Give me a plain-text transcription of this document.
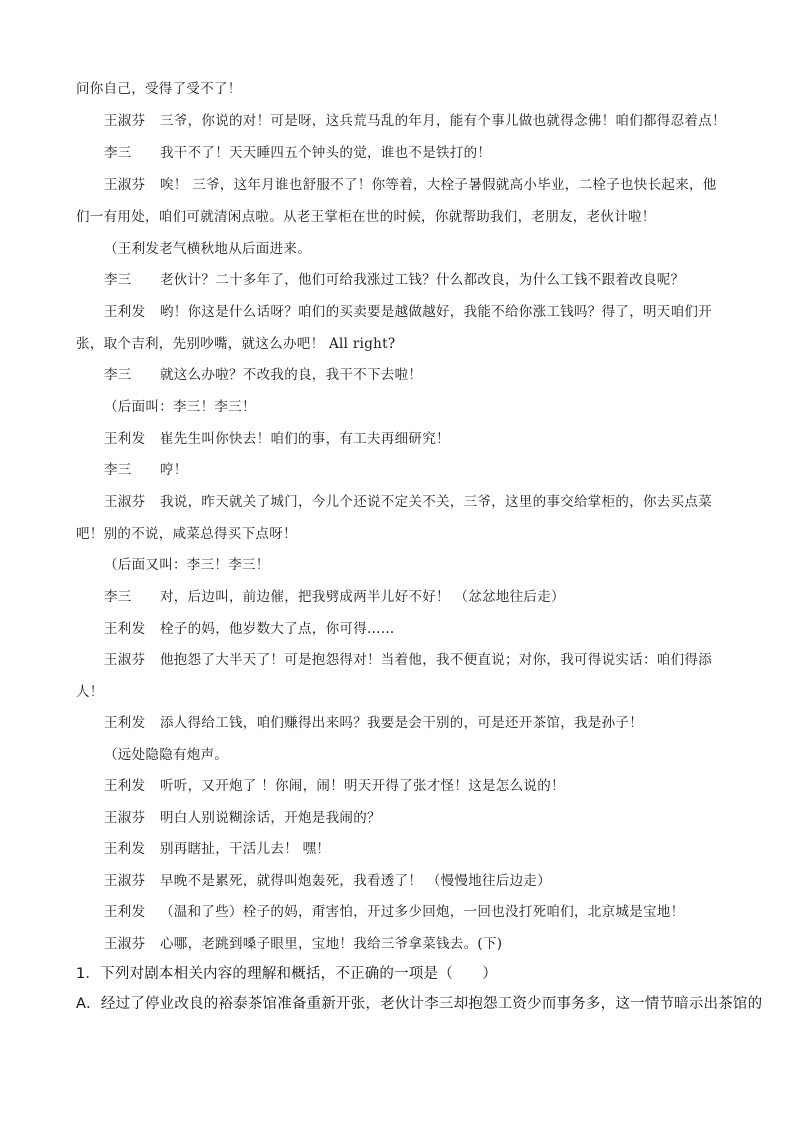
问你自己，受得了受不了！
王淑芬 三爷，你说的对！可是呀，这兵荒马乱的年月，能有个事儿做也就得念佛！咱们都得忍着点！
李三 我干不了！天天睡四五个钟头的觉，谁也不是铁打的！
王淑芬 唉！ 三爷，这年月谁也舒服不了！你等着，大栓子暑假就高小毕业，二栓子也快长起来，他
们一有用处，咱们可就清闲点啦。从老王掌柜在世的时候，你就帮助我们，老朋友，老伙计啦！
（王利发老气横秋地从后面进来。
李三 老伙计？二十多年了，他们可给我涨过工钱？什么都改良，为什么工钱不跟着改良呢？
王利发 哟！你这是什么话呀？咱们的买卖要是越做越好，我能不给你涨工钱吗？得了，明天咱们开
张，取个吉利，先别吵嘴，就这么办吧！ All right?
李三 就这么办啦？不改我的良，我干不下去啦！
（后面叫：李三！李三！
王利发 崔先生叫你快去！咱们的事，有工夫再细研究！
李三 哼！
王淑芬 我说，昨天就关了城门，今儿个还说不定关不关，三爷，这里的事交给掌柜的，你去买点菜
吧！别的不说，咸菜总得买下点呀！
（后面又叫：李三！李三！
李三 对，后边叫，前边催，把我劈成两半儿好不好！ （忿忿地往后走）
王利发 栓子的妈，他岁数大了点，你可得……
王淑芬 他抱怨了大半天了！可是抱怨得对！当着他，我不便直说；对你，我可得说实话：咱们得添
人！
王利发 添人得给工钱，咱们赚得出来吗？我要是会干别的，可是还开茶馆，我是孙子！
（远处隐隐有炮声。
王利发 听听，又开炮了 ！你闹，闹！明天开得了张才怪！这是怎么说的！
王淑芬 明白人别说糊涂话，开炮是我闹的？
王利发 别再瞎扯，干活儿去！ 嘿！
王淑芬 早晚不是累死，就得叫炮轰死，我看透了！ （慢慢地往后边走）
王利发 （温和了些）栓子的妈，甭害怕，开过多少回炮，一回也没打死咱们，北京城是宝地！
王淑芬 心哪，老跳到嗓子眼里，宝地！我给三爷拿菜钱去。(下)
1．下列对剧本相关内容的理解和概括，不正确的一项是（　　）
A．经过了停业改良的裕泰茶馆准备重新开张，老伙计李三却抱怨工资少而事务多，这一情节暗示出茶馆的
